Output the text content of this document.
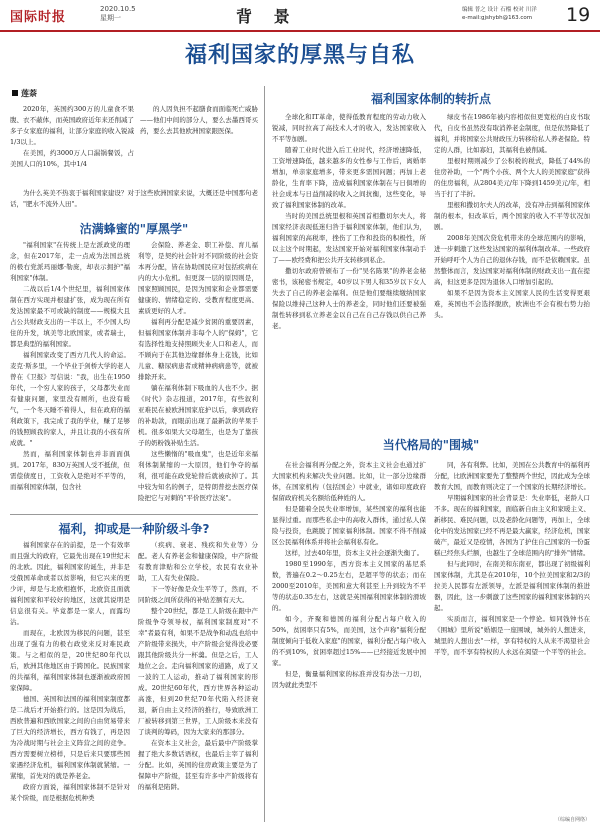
国际时报
2020.10.5
星期一	背 景	编辑 普之 设计 石榴 校对 川洋
e-mail:gjshybh@163.com	19
福利国家的厚黑与自私
莲萘

2020年，英国约300万的儿童食不果腹、衣不蔽体，而英国政府近年来还削减了多子女家庭的福利，让部分家庭的收入锐减1/3以上。

在美国，约3000万人口漏锅餐饭，占美国人口的10%，其中1/4

的人因负担不起膳食而面临死亡威胁——他们中间的部分人，要么去墨西哥买药，要么去其他欧洲国家跟医保。

为什么英美不热衷于福利国家建设？对于这些欧洲国家来说，大概还是中国那句老话，"肥水不流外人田"。

沽满蜂蜜的"厚黑学"

"福利国家"在传统上是左派政党的理念，但在2017年，走一点成为法国总统的极右党派玛丽娜·勒庞，却表示拥护"福利国家"体制。

二战以后1/4个世纪里，福利国家体制在西方实现并根建扩张，成为现在所有发达国家最不可或缺的制度——规模大且占公共财政支出的一半以上，不少国人均住的升发，填美等北欧国家，或者瑞士，都是典型的福利国家。

福利国家改变了西方几代人的命运。麦克·斯多里，一个毕业于剑桥大学的老人曾在《卫报》写信说："我，出生在1950年代，一个穷人家的孩子，父母都失业而有健康问题，家里没有厕所，也没有暖气，一个冬天睡不着得人，但在政府的福利政策下，我完成了我的学业，赚了足够的钱照顾我的家人，并且让我的小孩有所成就。"

然而，福利国家体制也并非面面俱到。2017年，830万英国人受不抵债，但需偿债度日，工资收入是绝对不平等的，而福利国家体制，包含社

会保险、养老金、职工补偿、育儿福利等，是契约社会针对不同阶级的社会资本再分配，皆在协助国民应对包括疾病在内的大小危机。但更深一层的原因则是，国家照顾国民，是因为国家和企业都需要健康的、情绪稳定的、受教育程度更高、素质更好的人才。

福利再分配是减少贫困的重要因素，但福利国家体制并非每个人的"保姆"，它有选择性地支持照顾失业人口和老人，而不顾向于在其他边缘群体身上花钱，比如儿童、糖尿病患者或精神病病患等，就被排除开来。

躺在福利体制下吸血的人也不少。据《时代》杂志报道，2017年，有些叙利亚难民在被欧洲国家庇护以后，拿到政府的补助款，而眼前出现了最新款的苹果手机。很多如果大父母超生，也是为了靠孩子的奶粉钱补贴生活。

这些懒惰的"吸血鬼"，也是近年来福利体制紧缩的一大原因，他们争夺的福利，很可能在政党轮替后就被砍掉了。其中较为知名的例子，是特朗普挖去医疗保险把它与对刺的"平价医疗法案"。

福利，抑或是一种阶级斗争?

福利国家存在的前提，是一个有效率而且强大的政府，它最先出现在19世纪末的北欧。因此，福利国家的诞生，并非是受俄国革命或者以贫影响，但它兴来的更少评，却是与北欧相抱怀，北欧资且面就福利国家和平较好的地区，这就其说明是信息很有关。毕竟都是一家人，而露均沾。

而现在，北欧因为移民的问题，甚至出现了强有力的极右政党来反对难民政策。与之相似的是，20世纪80年代以后，欧洲其他地区由于跨国化。民族国家的共福利，福利国家体制也逐渐被政府国家保障。

德国、英国和法国的福利国家制度都是二战后才开始推行的。这是因为战后，西欧普遍和西欧国家之间的自由贸易带来了巨大的经济增长，西方有钱了，再是因为冷战时期与社会主义阵营之间的竞争。西方需要树立榜样，只是后来只要那些国家遇经济危机，福利国家体制就紧缩。一紧缩，首先对的就是养老金。

政府方面说，福利国家体制不是针对某个阶级，而是根据危机种类

（疾病、衰老、残疾和失业等）分配。老人有养老金和健康保险，中产阶级有教育津贴和公立学校，农民有农业补助，工人有失业保险。

下一等好像是众生平等了，然而，不同阶级之间所获得的补贴差额有天大。

整个20世纪，都是工人阶级在跟中产阶级争夺领导权，福利国家制度对"不幸"者最有利，如果不是战争和动乱也给中产阶级带来损失，中产阶级会觉得没必要跟其他阶级共分一杯羹。但是之后，工人地位之会。走向福利国家的道路，成了又一波的工人运动，推动了福利国家的形成。20世纪60年代，西方世界各种运动高涨，但到20世纪70年代陷入经济衰退，新自由主义经济的推行，导致欧洲工厂被转移到第三世界，工人阶级本来没有了谈判的筹码，因为大家来的那部分。

在资本主义社会，最后最中产阶级掌握了绝大多数话语权，也最后主宰了福利分配。比如，英国的住房政策主要是为了保障中产阶级，甚至有许多中产阶级将有的福利是陷阱。

福利国家体制的转折点

全球化和IT革命，使得低教育程度的劳动力收入锐减，同时拉高了高技术人才的收入，发达国家收入不平等加剧。

随着工业时代进入后工业时代，经济增速降低，工资增速降低，越来越多的女性参与工作后，离婚率增加，单亲家庭增多，带来更多需国问题；再加上老龄化，生育率下降，造成福利国家体制在与日俱增的社会成本与日益削减的收入之间抗衡，这些变化，导致了福利国家体制的改革。

当时的美国总统里根和英国首相撒切尔夫人，将国家经济表现低迷归咎于福利国家体制，他们认为，福利国家的高税率，挫伤了工作和投资的积极性，所以主这个时期起，发达国家开始对福利国家体制动手了——欧经费和把公共开支转移到私企。

撒切尔政府曾颁布了一份"吴名陈果"的养老金秘密书，该秘密书规定，40岁以下男人和35岁以下女人失去了自己的养老金福利。但是他们要继续缴纳国家保险以维持己这种人士的养老金，同时他们还要被强制性转移到私立养老金以自己在自己存钱以供自己养老。

绿皮书在1986年被内容相似但更宽松的白皮书取代，自皮书虽然没有取消养老金制度，但是依然降低了福利，并将国家公共财政压力转移给私人养老保险。特定的人群，比如寡妇，其福利也被削减。

里根时期则减少了公积税的税式，降低了44%的住房补助，一个"两个小孩、两个大人的美国家庭"获得的住房福利，从2804美元/年下降到1459美元/年，相当于打了半折。

里根和撒切尔夫人的改革，没有冲击到福利国家体制的根本，但改革后，两个国家的收入不平等状况加剧。

2008年美国次贷危机带来的全球范围内的影响，进一步刺激了这些发达国家的福利体制改革。一些政府开始呼吁个人为自己的退休存钱，而不是依赖国家。虽然整体而言，发达国家对福利体制的财政支出一直在提高，但这更多是因为退休人口增加引起的。

如果不是因为资本主义国家人民的生活变得更艰难，英国也不会选择脱欧，欧洲也不会有极右势力抬头。

当代格局的"围城"

在社会福利再分配之外，资本主义社会也通过扩大国家机构来解决失业问题。比如，让一部分边缘群体，在国家机构（包括国企）中就业，诸如印度政府保留政府机关名额给低种姓的人。

但是随着全民失业率增加，某些国家的福利也能显得过重。而那些私企中的高收入群体，通过私人保险与投资，也跳脱了国家福利体制。国家不得不削减区公民福利体系并将社会福利私有化。

这样，过去40年里，资本主义社会逐渐失衡了。

1980至1990年，西方资本主义国家的基尼系数，普遍在0.2～0.25左右，是超平等的状态；而在2000至2010年，美国和意大利甚至上升到较为不平等的状态0.35左右，这就是英国福利国家体制的滑坡的。

如今，齐聚和德国的福利分配占每户收入的50%，贫困率只有5%，而美国，这个声称"福利分配制度倾向于低收入家庭"的国家，福利分配占每户收入的不到10%，贫困率超过15%——已经接近发展中国家。

但是，衡量福利国家的标准并没有办法一刀切，因为就此类型不

同，各有利弊。比如，美国在公共教育中的福利再分配，比欧洲国家要先了整整两个世纪，因此成为全球教育大国，而教育则决定了一个国家的长期经济增长。

早期福利国家的社会背景是：失业率低，老龄人口不多。现在的福利国家，面临新自由主义和家暖主义、新移民、难民问题，以及老龄化问题等，再加上，全球化中的发达国家已经不再是最大赢家，经济危机，国家破产，最近又是疫情，各国为了护住自己国家的一份蛋糕已经焦头烂额，也越生了全球范围内的"排外"情绪。

但与此同时，在南美和东南亚，都出现了初级福利国家体制，尤其是在2010年，10个拉美国家和2/3的拉美人民都有左派领导，左派是福利国家体制的推进器，因此，这一步刺激了这些国家的福利国家体制的兴起。

实质而言，福利国家是一个悖论。如同钱钟书在《围城》里所说"婚姻是一座围城，城外的人想进来，城里的人想出去"一样，享有特权的人从来不渴望社会平等，而不享有特权的人永远在渴望一个平等的社会。

（综编自网络）
